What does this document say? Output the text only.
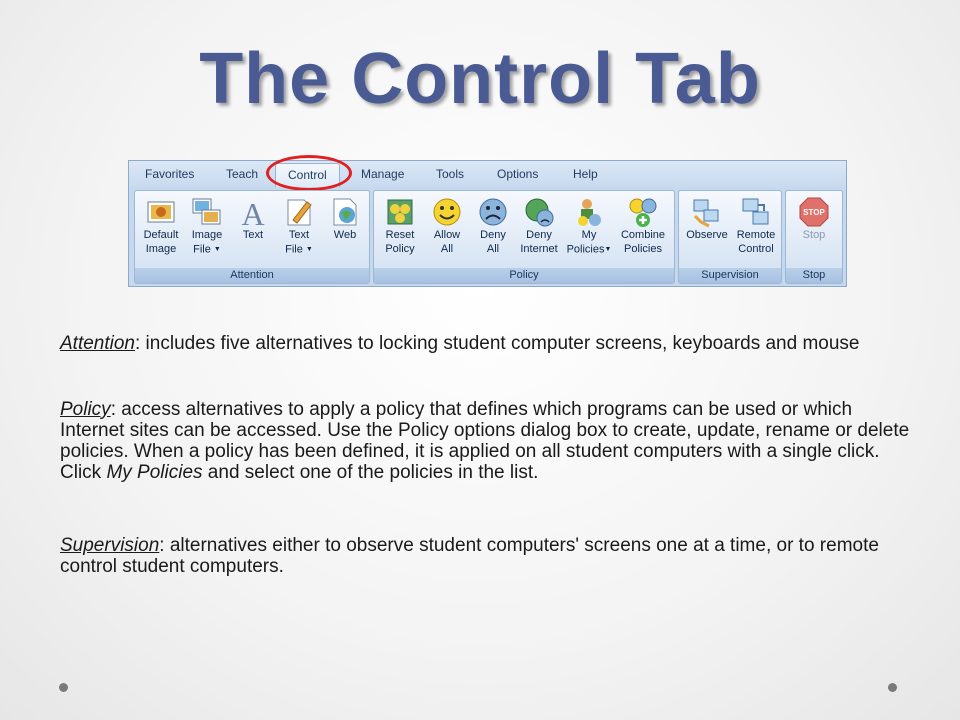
The Control Tab
Favorites	Teach	Control	Manage	Tools	Options	Help
Default
Image
Image
File ▼
A
Text	Text
File ▼
Web
Attention
Reset
Policy
Allow
All
Deny
All
Deny
Internet
My
Policies▼
Combine
Policies
Policy
Observe Remote
Control
Supervision
STOP
Stop
Stop
Attention: includes five alternatives to locking student computer screens, keyboards and mouse
Policy: access alternatives to apply a policy that defines which programs can be used or which Internet sites can be accessed. Use the Policy options dialog box to create, update, rename or delete policies. When a policy has been defined, it is applied on all student computers with a single click. Click My Policies and select one of the policies in the list.
Supervision: alternatives either to observe student computers' screens one at a time, or to remote control student computers.
